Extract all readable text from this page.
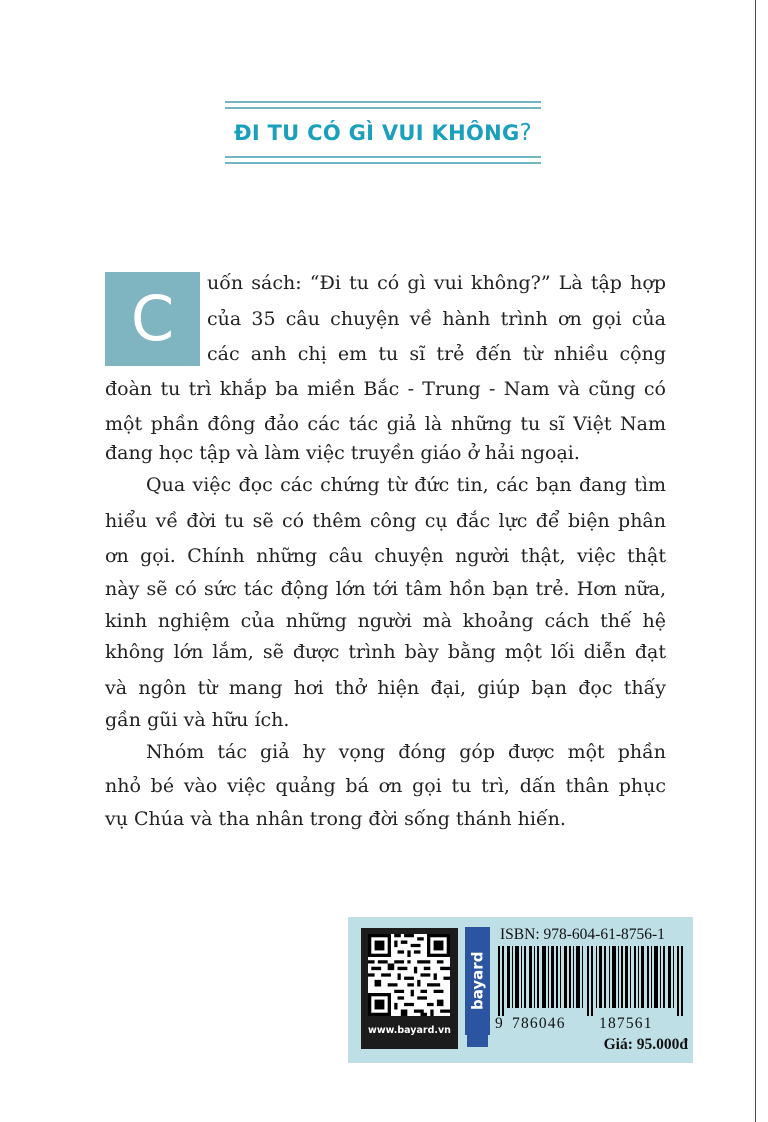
ĐI TU CÓ GÌ VUI KHÔNG?
C	uốn sách: “Đi tu có gì vui không?” Là tập hợp
của 35 câu chuyện về hành trình ơn gọi của
các anh chị em tu sĩ trẻ đến từ nhiều cộng
đoàn tu trì khắp ba miền Bắc - Trung - Nam và cũng có
một phần đông đảo các tác giả là những tu sĩ Việt Nam
đang học tập và làm việc truyền giáo ở hải ngoại.
Qua việc đọc các chứng từ đức tin, các bạn đang tìm
hiểu về đời tu sẽ có thêm công cụ đắc lực để biện phân
ơn gọi. Chính những câu chuyện người thật, việc thật
này sẽ có sức tác động lớn tới tâm hồn bạn trẻ. Hơn nữa,
kinh nghiệm của những người mà khoảng cách thế hệ
không lớn lắm, sẽ được trình bày bằng một lối diễn đạt
và ngôn từ mang hơi thở hiện đại, giúp bạn đọc thấy
gần gũi và hữu ích.
Nhóm tác giả hy vọng đóng góp được một phần
nhỏ bé vào việc quảng bá ơn gọi tu trì, dấn thân phục
vụ Chúa và tha nhân trong đời sống thánh hiến.
www.bayard.vn
bayard
ISBN: 978-604-61-8756-1
9 786046 187561
Giá: 95.000đ
